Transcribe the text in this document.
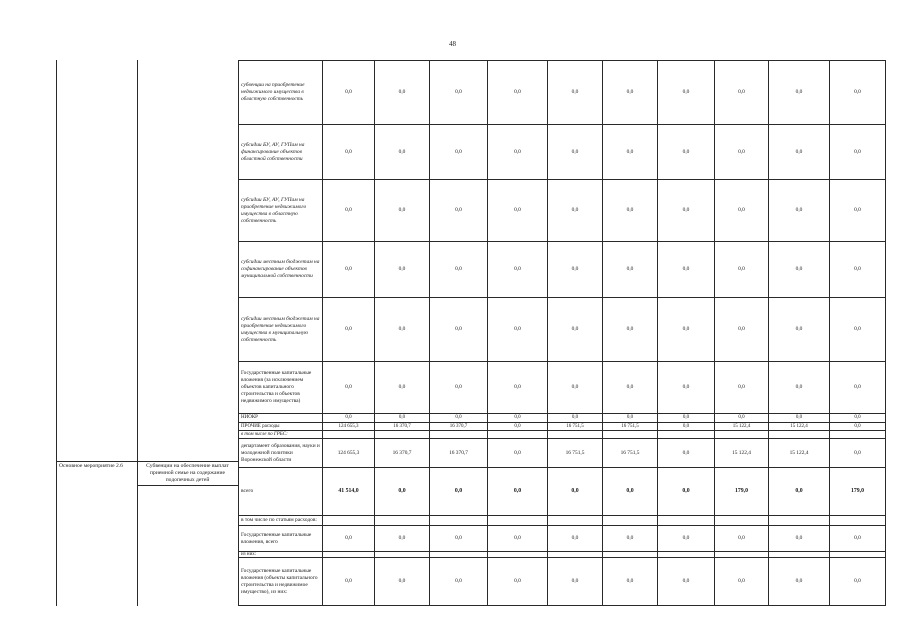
48
Основное мероприятие 2.6	Субвенции на обеспечение выплат приемной семье на содержание подопечных детей
субвенции на приобретение недвижимого имущества в областную собственность	0,0	0,0	0,0	0,0	0,0	0,0	0,0	0,0	0,0	0,0
субсидии БУ, АУ, ГУПам на финансирование объектов областной собственности	0,0	0,0	0,0	0,0	0,0	0,0	0,0	0,0	0,0	0,0
субсидии БУ, АУ, ГУПам на приобретение недвижимого имущества в областную собственность	0,0	0,0	0,0	0,0	0,0	0,0	0,0	0,0	0,0	0,0
субсидии местным бюджетам на софинансирование объектов муниципальной собственности	0,0	0,0	0,0	0,0	0,0	0,0	0,0	0,0	0,0	0,0
субсидии местным бюджетам на приобретение недвижимого имущества в муниципальную собственность	0,0	0,0	0,0	0,0	0,0	0,0	0,0	0,0	0,0	0,0
Государственные капитальные вложения (за исключением объектов капитального строительства и объектов недвижимого имущества)	0,0	0,0	0,0	0,0	0,0	0,0	0,0	0,0	0,0	0,0
НИОКР	0,0	0,0	0,0	0,0	0,0	0,0	0,0	0,0	0,0	0,0
ПРОЧИЕ расходы	124 655,3	16 370,7	16 370,7	0,0	16 751,5	16 751,5	0,0	15 122,4	15 122,4	0,0
в том числе по ГРБС:										
департамент образования, науки и молодежной политики Воронежской области	124 655,3	16 370,7	16 370,7	0,0	16 751,5	16 751,5	0,0	15 122,4	15 122,4	0,0
всего	41 514,0	0,0	0,0	0,0	0,0	0,0	0,0	179,0	0,0	179,0
в том числе по статьям расходов:										
Государственные капитальные вложения, всего	0,0	0,0	0,0	0,0	0,0	0,0	0,0	0,0	0,0	0,0
из них:										
Государственные капитальные вложения (объекты капитального строительства и недвижимое имущество), из них:	0,0	0,0	0,0	0,0	0,0	0,0	0,0	0,0	0,0	0,0
